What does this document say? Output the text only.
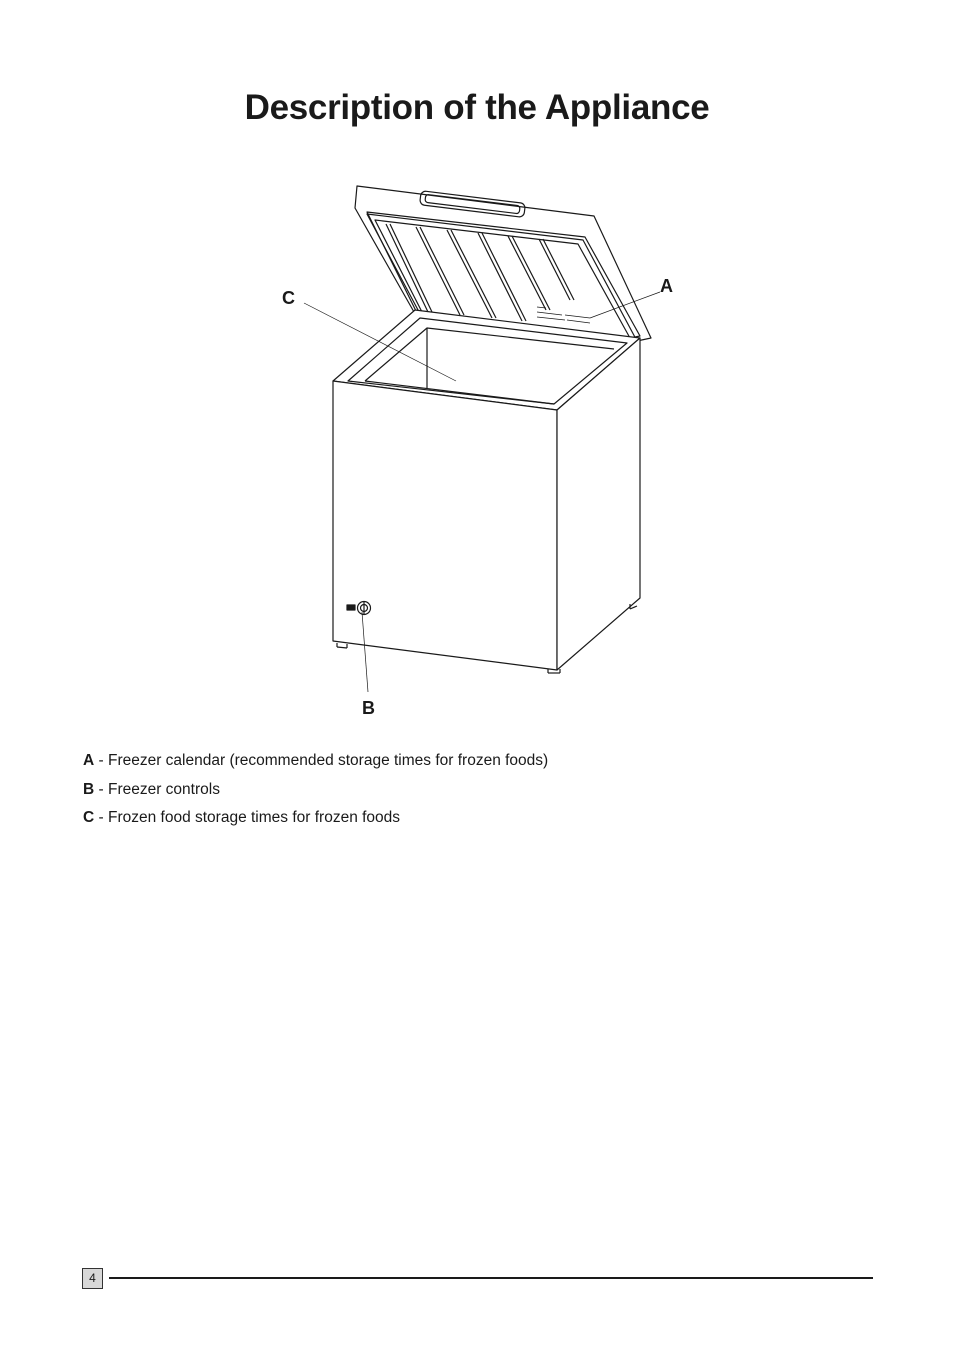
Description of the Appliance
A
B
C
A - Freezer calendar (recommended storage times for frozen foods)
B - Freezer controls
C - Frozen food storage times for frozen foods
4
